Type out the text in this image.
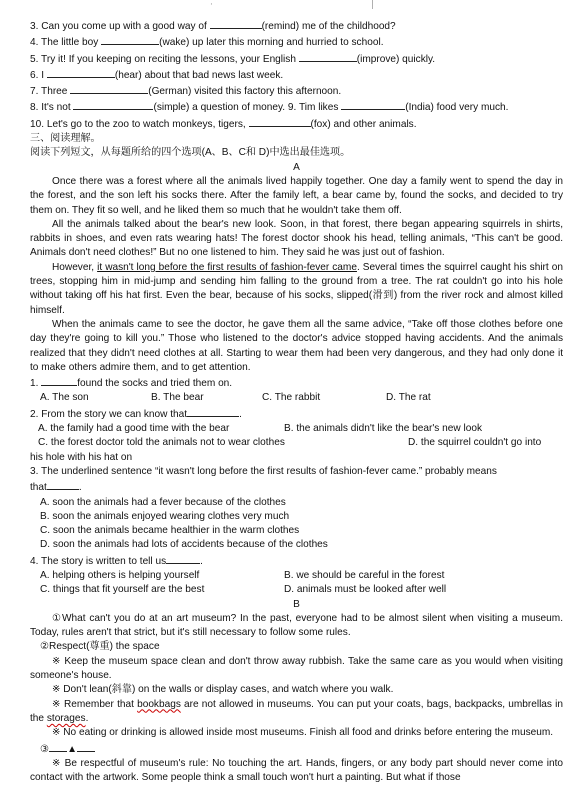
·	|
3. Can you come up with a good way of	(remind) me of the childhood?
4. The little boy	(wake) up later this morning and hurried to school.
5. Try it! If you keeping on reciting the lessons, your English	(improve) quickly.
6. I	(hear) about that bad news last week.
7. Three	(German) visited this factory this afternoon.
8. It's not	(simple) a question of money. 9. Tim likes	(India) food very much.
10. Let's go to the zoo to watch monkeys, tigers,	(fox) and other animals.
三、阅读理解。
阅读下列短文，从每题所给的四个选项(A、B、C和 D)中选出最佳选项。
A

Once there was a forest where all the animals lived happily together. One day a family went to spend the day in the forest, and the son left his socks there. After the family left, a bear came by, found the socks, and decided to try them on. They fit so well, and he liked them so much that he wouldn't take them off.

All the animals talked about the bear's new look. Soon, in that forest, there began appearing squirrels in shirts, rabbits in shoes, and even rats wearing hats! The forest doctor shook his head, telling animals, “This can't be good. Animals don't need clothes!” But no one listened to him. They said he was just out of fashion.

However, it wasn't long before the first results of fashion-fever came. Several times the squirrel caught his shirt on trees, stopping him in mid-jump and sending him falling to the ground from a tree. The rat couldn't go into his hole without taking off his hat first. Even the bear, because of his socks, slipped(滑到) from the river rock and almost killed himself.

When the animals came to see the doctor, he gave them all the same advice, “Take off those clothes before one day they're going to kill you.” Those who listened to the doctor's advice stopped having accidents. And the animals realized that they didn't need clothes at all. Starting to wear them had been very dangerous, and they had only done it to make others admire them, and to get attention.

1.	found the socks and tried them on.
A. The son	B. The bear	C. The rabbit	D. The rat
2. From the story we can know that	.
A. the family had a good time with the bear	B. the animals didn't like the bear's new look
C. the forest doctor told the animals not to wear clothes	D. the squirrel couldn't go into
his hole with his hat on
3. The underlined sentence “it wasn't long before the first results of fashion-fever came.” probably means
that	.
A. soon the animals had a fever because of the clothes
B. soon the animals enjoyed wearing clothes very much
C. soon the animals became healthier in the warm clothes
D. soon the animals had lots of accidents because of the clothes
4. The story is written to tell us	.
A. helping others is helping yourself	B. we should be careful in the forest
C. things that fit yourself are the best	D. animals must be looked after well
B

①What can't you do at an art museum? In the past, everyone had to be almost silent when visiting a museum. Today, rules aren't that strict, but it's still necessary to follow some rules.

②Respect(尊重) the space

※ Keep the museum space clean and don't throw away rubbish. Take the same care as you would when visiting someone's house.

※ Don't lean(斜靠) on the walls or display cases, and watch where you walk.

※ Remember that bookbags are not allowed in museums. You can put your coats, bags, backpacks, umbrellas in the storages.

※ No eating or drinking is allowed inside most museums. Finish all food and drinks before entering the museum.

③ ▲

※ Be respectful of museum's rule: No touching the art. Hands, fingers, or any body part should never come into contact with the artwork. Some people think a small touch won't hurt a painting. But what if those
